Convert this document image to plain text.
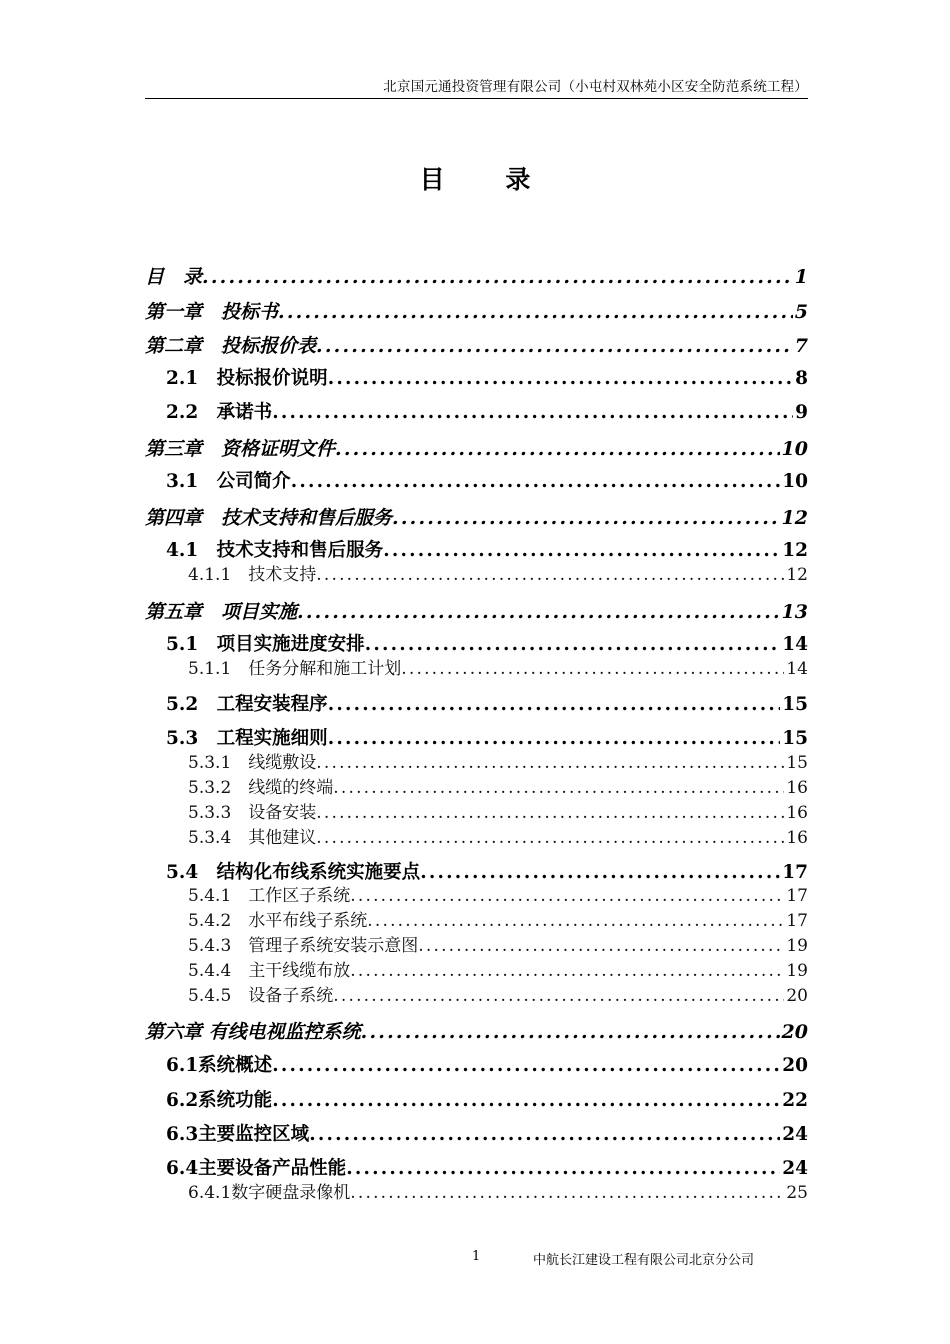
北京国元通投资管理有限公司（小屯村双林苑小区安全防范系统工程）
目 录
目　录 .....	1
第一章　投标书 .....	5
第二章　投标报价表 .....	7
2.1　投标报价说明 .....	8
2.2　承诺书 .....	9
第三章　资格证明文件 .....	10
3.1　公司简介 .....	10
第四章　技术支持和售后服务 .....	12
4.1　技术支持和售后服务 .....	12
4.1.1　技术支持 .....	12
第五章　项目实施 .....	13
5.1　项目实施进度安排 .....	14
5.1.1　任务分解和施工计划 .....	14
5.2　工程安装程序 .....	15
5.3　工程实施细则 .....	15
5.3.1　线缆敷设 .....	15
5.3.2　线缆的终端 .....	16
5.3.3　设备安装 .....	16
5.3.4　其他建议 .....	16
5.4　结构化布线系统实施要点 .....	17
5.4.1　工作区子系统 .....	17
5.4.2　水平布线子系统 .....	17
5.4.3　管理子系统安装示意图 .....	19
5.4.4　主干线缆布放 .....	19
5.4.5　设备子系统 .....	20
第六章 有线电视监控系统 .....	20
6.1系统概述 .....	20
6.2系统功能 .....	22
6.3主要监控区域 .....	24
6.4主要设备产品性能 .....	24
6.4.1数字硬盘录像机 .....	25
1	中航长江建设工程有限公司北京分公司
